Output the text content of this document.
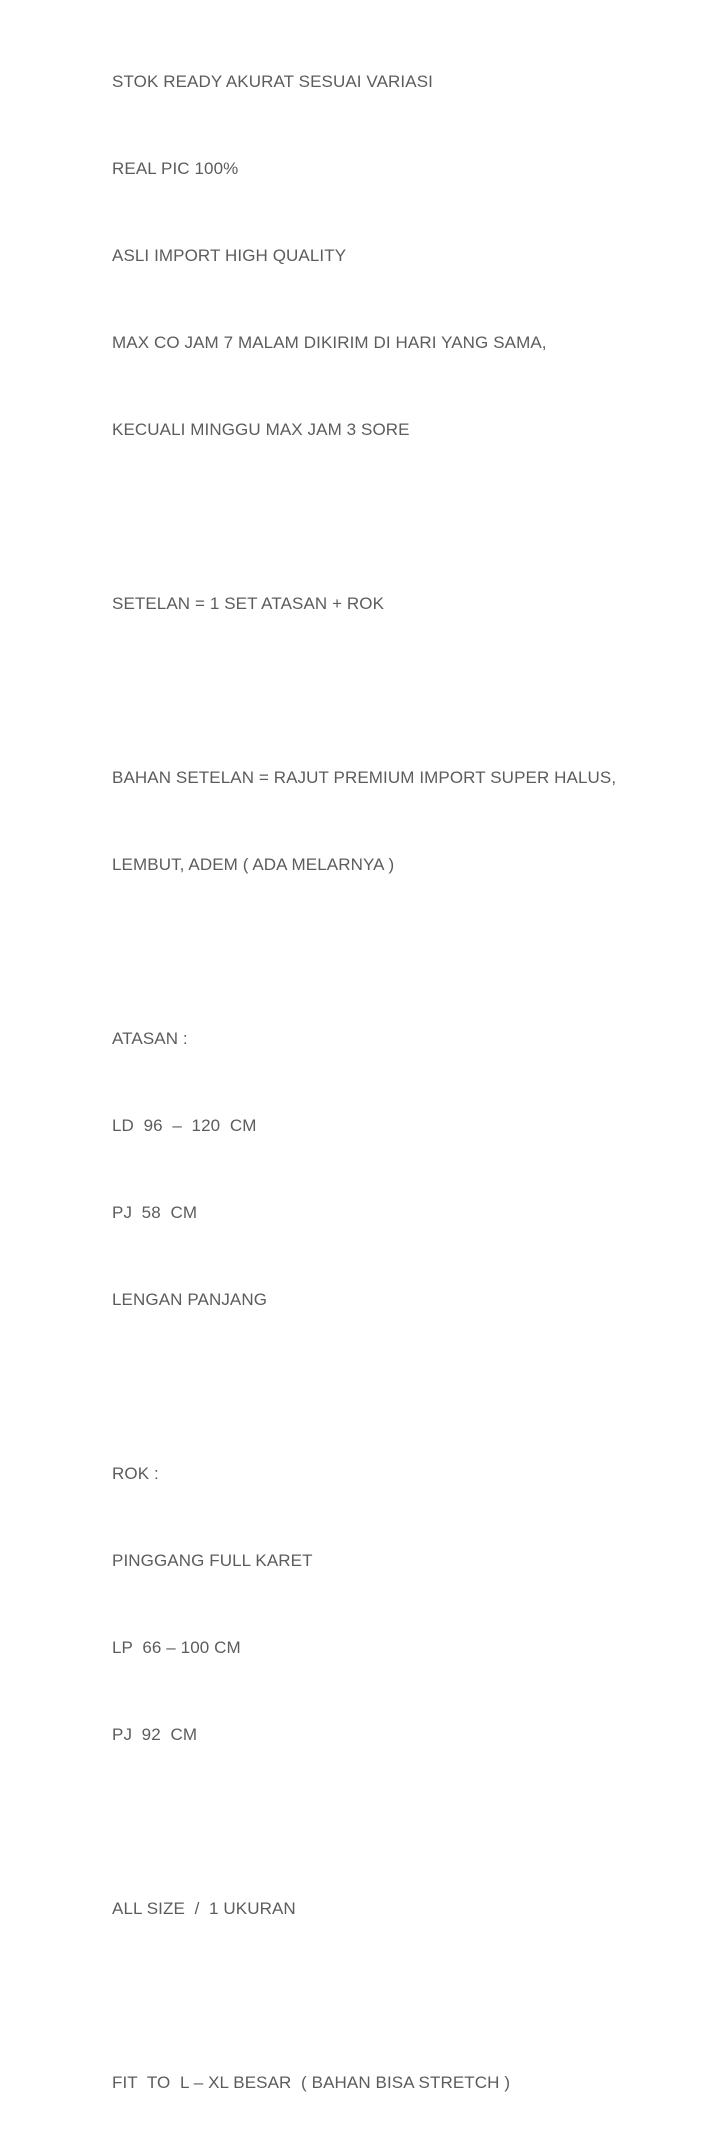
STOK READY AKURAT SESUAI VARIASI

REAL PIC 100%

ASLI IMPORT HIGH QUALITY

MAX CO JAM 7 MALAM DIKIRIM DI HARI YANG SAMA,

KECUALI MINGGU MAX JAM 3 SORE

SETELAN = 1 SET ATASAN + ROK

BAHAN SETELAN = RAJUT PREMIUM IMPORT SUPER HALUS,

LEMBUT, ADEM ( ADA MELARNYA )

ATASAN :

LD  96  –  120  CM

PJ  58  CM

LENGAN PANJANG

ROK :

PINGGANG FULL KARET

LP  66 – 100 CM

PJ  92  CM

ALL SIZE  /  1 UKURAN

FIT  TO  L – XL BESAR  ( BAHAN BISA STRETCH )
